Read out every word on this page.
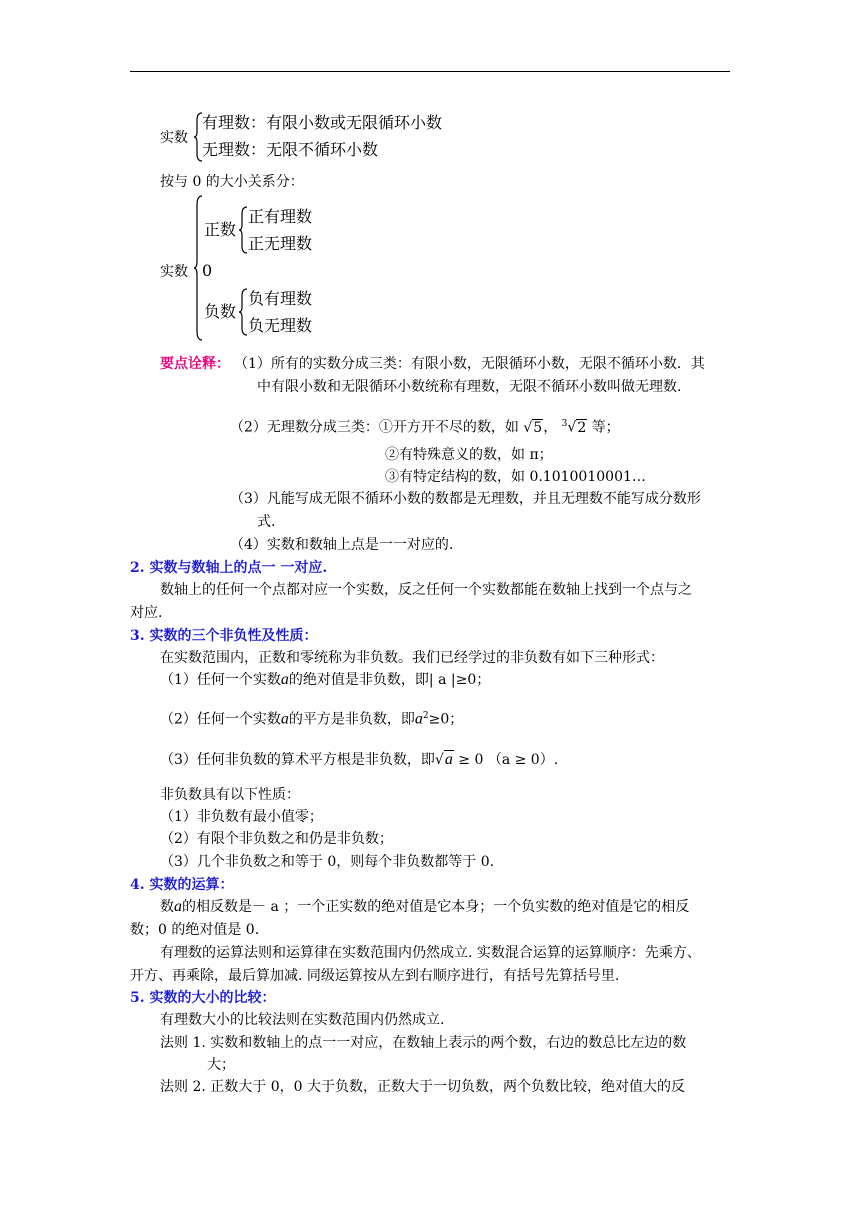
实数
有理数：有限小数或无限循环小数
无理数：无限不循环小数
按与 0 的大小关系分：
实数
正数
正有理数
正无理数
0
负数
负有理数
负无理数
要点诠释： （1）所有的实数分成三类：有限小数，无限循环小数，无限不循环小数．其
中有限小数和无限循环小数统称有理数，无限不循环小数叫做无理数.
（2）无理数分成三类：①开方开不尽的数，如 √5， $^3$√2 等；
②有特殊意义的数，如 π；
③有特定结构的数，如 0.1010010001…
（3）凡能写成无限不循环小数的数都是无理数，并且无理数不能写成分数形
式.
（4）实数和数轴上点是一一对应的.
2. 实数与数轴上的点一 一对应.
数轴上的任何一个点都对应一个实数，反之任何一个实数都能在数轴上找到一个点与之
对应.
3. 实数的三个非负性及性质：
在实数范围内，正数和零统称为非负数。我们已经学过的非负数有如下三种形式：
（1）任何一个实数a的绝对值是非负数，即| a |≥0；
（2）任何一个实数a的平方是非负数，即$a^2\ge 0$；
（3）任何非负数的算术平方根是非负数，即√a ≥ 0 （a ≥ 0）.
非负数具有以下性质：
（1）非负数有最小值零；
（2）有限个非负数之和仍是非负数；
（3）几个非负数之和等于 0，则每个非负数都等于 0.
4. 实数的运算：
数a的相反数是－ a ；一个正实数的绝对值是它本身；一个负实数的绝对值是它的相反
数；0 的绝对值是 0.
有理数的运算法则和运算律在实数范围内仍然成立. 实数混合运算的运算顺序：先乘方、
开方、再乘除，最后算加减. 同级运算按从左到右顺序进行，有括号先算括号里.
5. 实数的大小的比较：
有理数大小的比较法则在实数范围内仍然成立.
法则 1. 实数和数轴上的点一一对应，在数轴上表示的两个数，右边的数总比左边的数
大；
法则 2. 正数大于 0，0 大于负数，正数大于一切负数，两个负数比较，绝对值大的反
